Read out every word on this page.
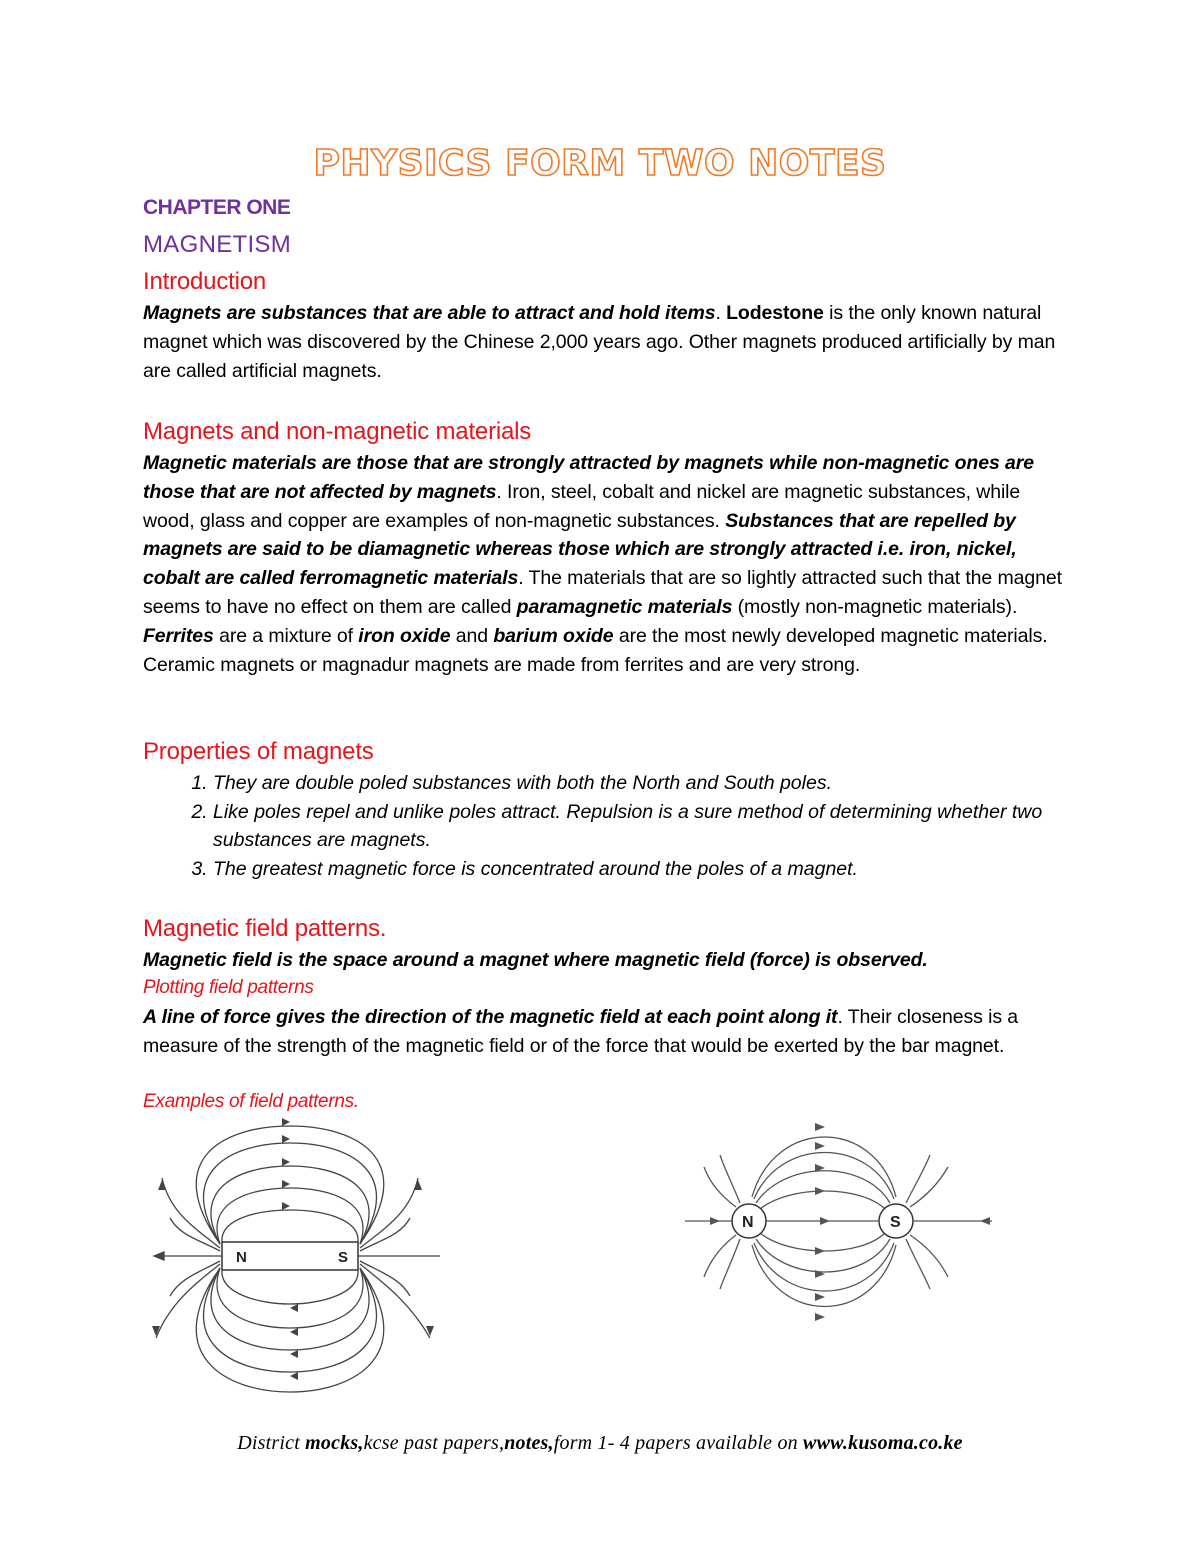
PHYSICS FORM TWO NOTES
CHAPTER ONE
MAGNETISM
Introduction
Magnets are substances that are able to attract and hold items. Lodestone is the only known natural magnet which was discovered by the Chinese 2,000 years ago. Other magnets produced artificially by man are called artificial magnets.
Magnets and non-magnetic materials
Magnetic materials are those that are strongly attracted by magnets while non-magnetic ones are those that are not affected by magnets. Iron, steel, cobalt and nickel are magnetic substances, while wood, glass and copper are examples of non-magnetic substances. Substances that are repelled by magnets are said to be diamagnetic whereas those which are strongly attracted i.e. iron, nickel, cobalt are called ferromagnetic materials. The materials that are so lightly attracted such that the magnet seems to have no effect on them are called paramagnetic materials (mostly non-magnetic materials). Ferrites are a mixture of iron oxide and barium oxide are the most newly developed magnetic materials. Ceramic magnets or magnadur magnets are made from ferrites and are very strong.
Properties of magnets
1. They are double poled substances with both the North and South poles.
2. Like poles repel and unlike poles attract. Repulsion is a sure method of determining whether two substances are magnets.
3. The greatest magnetic force is concentrated around the poles of a magnet.
Magnetic field patterns.
Magnetic field is the space around a magnet where magnetic field (force) is observed.
Plotting field patterns
A line of force gives the direction of the magnetic field at each point along it. Their closeness is a measure of the strength of the magnetic field or of the force that would be exerted by the bar magnet.
Examples of field patterns.
N	S
N	S
District mocks,kcse past papers,notes,form 1- 4 papers available on www.kusoma.co.ke
